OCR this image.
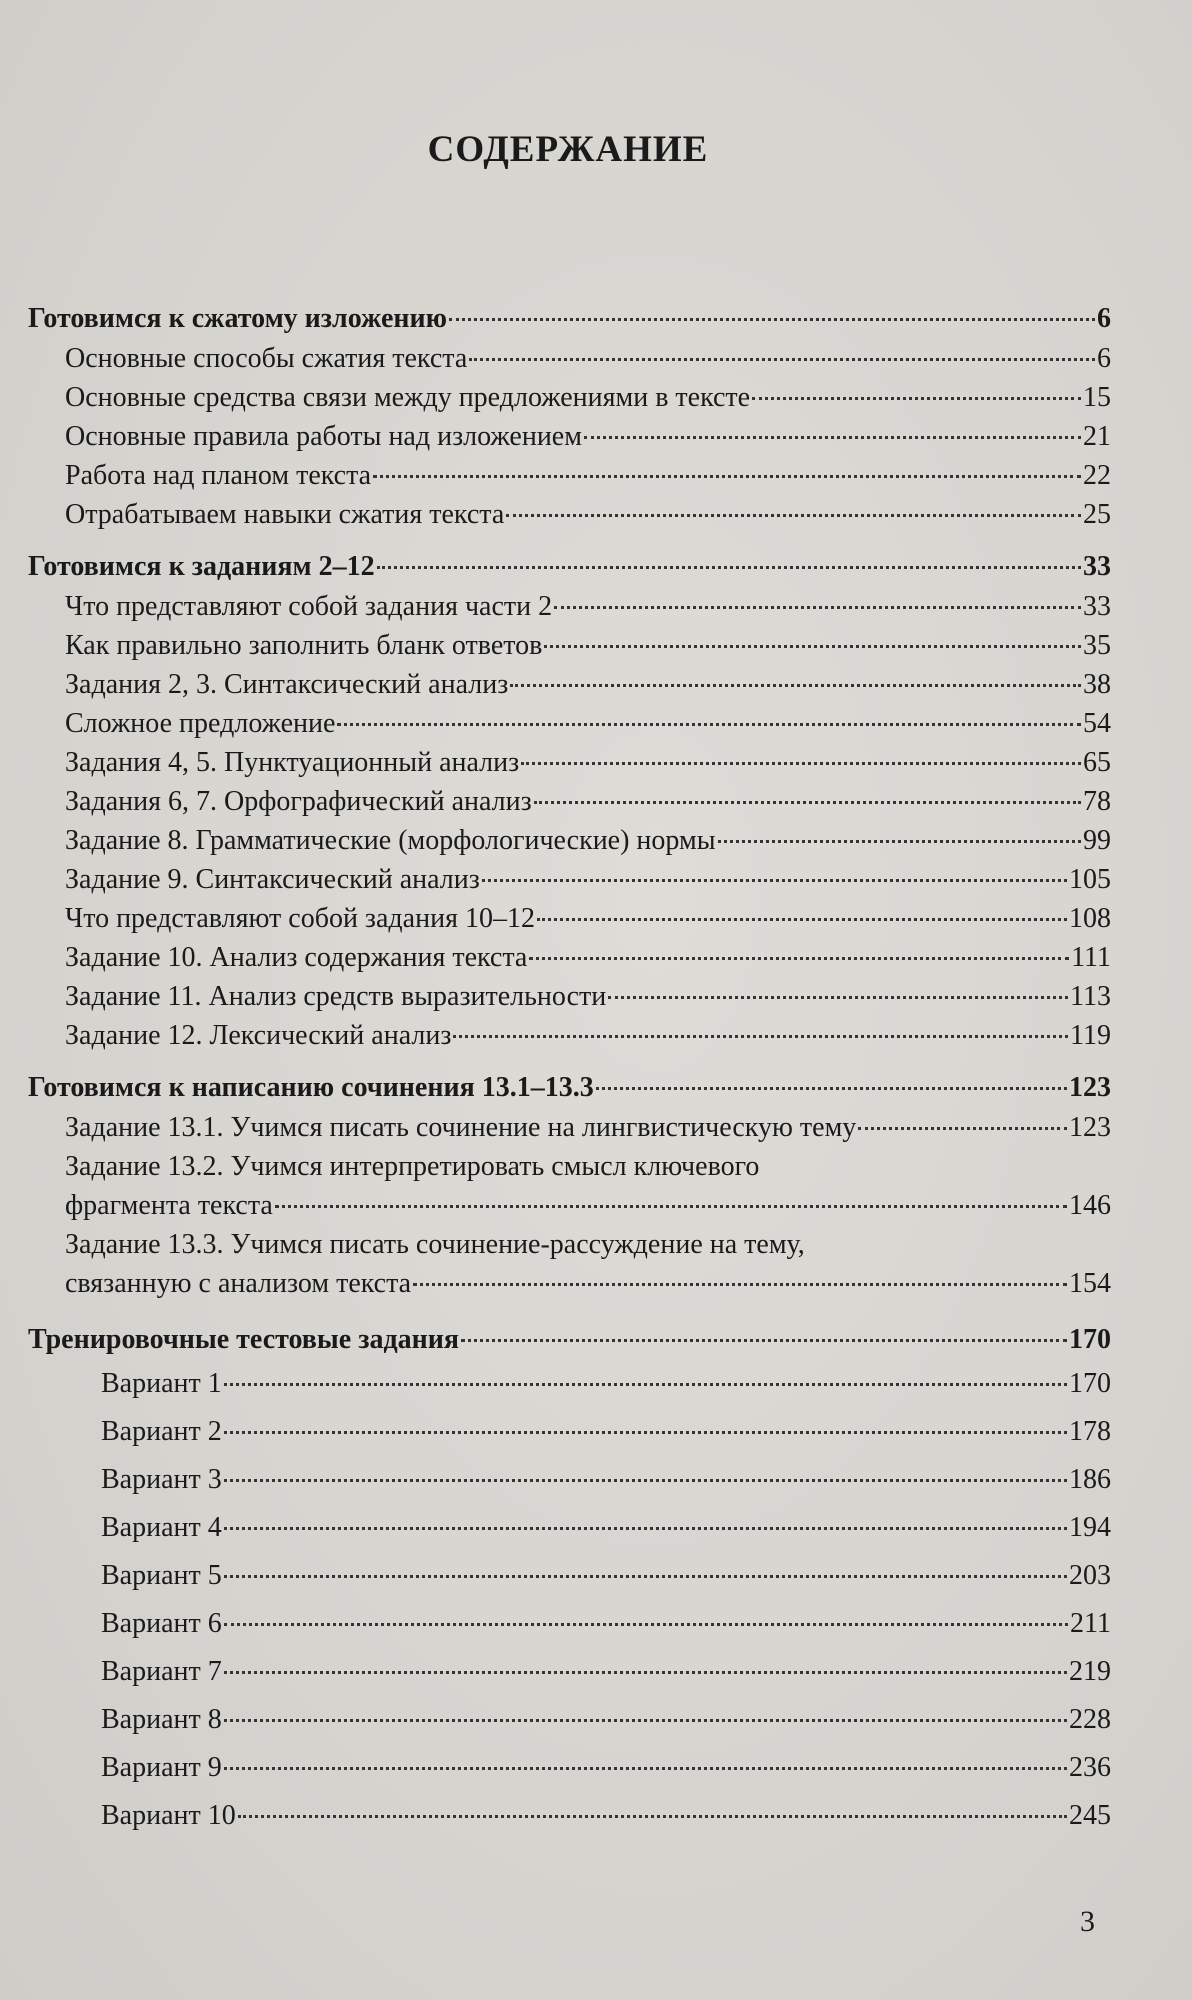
СОДЕРЖАНИЕ
Готовимся к сжатому изложению	6
Основные способы сжатия текста	6
Основные средства связи между предложениями в тексте	15
Основные правила работы над изложением	21
Работа над планом текста	22
Отрабатываем навыки сжатия текста	25
Готовимся к заданиям 2–12	33
Что представляют собой задания части 2	33
Как правильно заполнить бланк ответов	35
Задания 2, 3. Синтаксический анализ	38
Сложное предложение	54
Задания 4, 5. Пунктуационный анализ	65
Задания 6, 7. Орфографический анализ	78
Задание 8. Грамматические (морфологические) нормы	99
Задание 9. Синтаксический анализ	105
Что представляют собой задания 10–12	108
Задание 10. Анализ содержания текста	111
Задание 11. Анализ средств выразительности	113
Задание 12. Лексический анализ	119
Готовимся к написанию сочинения 13.1–13.3	123
Задание 13.1. Учимся писать сочинение на лингвистическую тему	123
Задание 13.2. Учимся интерпретировать смысл ключевого
фрагмента текста	146
Задание 13.3. Учимся писать сочинение-рассуждение на тему,
связанную с анализом текста	154
Тренировочные тестовые задания	170
Вариант 1	170
Вариант 2	178
Вариант 3	186
Вариант 4	194
Вариант 5	203
Вариант 6	211
Вариант 7	219
Вариант 8	228
Вариант 9	236
Вариант 10	245
3
